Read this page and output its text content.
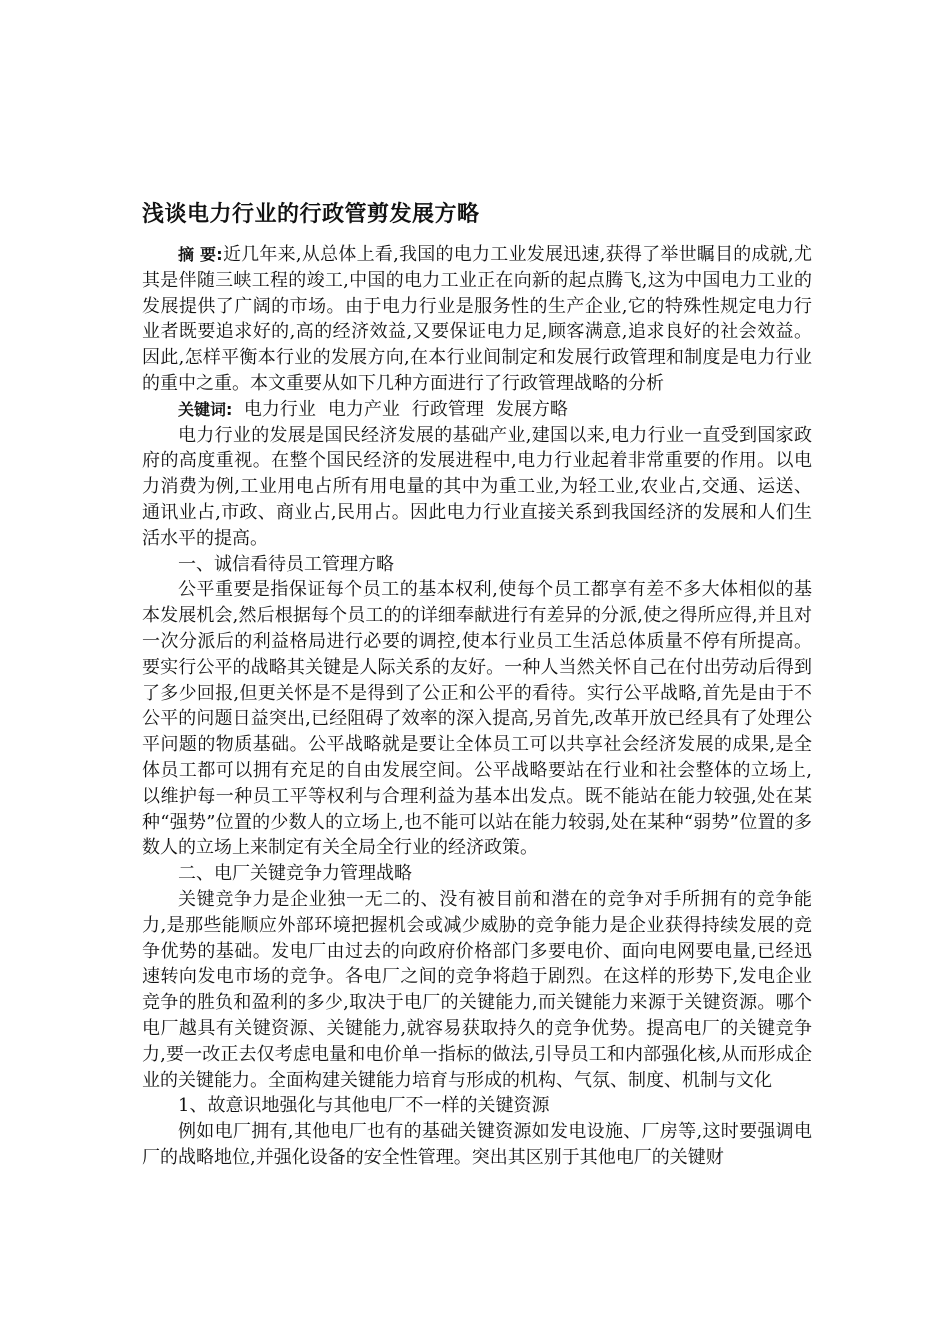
浅谈电力行业的行政管剪发展方略

摘 要:近几年来,从总体上看,我国的电力工业发展迅速,获得了举世瞩目的成就,尤其是伴随三峡工程的竣工,中国的电力工业正在向新的起点腾飞,这为中国电力工业的发展提供了广阔的市场。由于电力行业是服务性的生产企业,它的特殊性规定电力行业者既要追求好的,高的经济效益,又要保证电力足,顾客满意,追求良好的社会效益。因此,怎样平衡本行业的发展方向,在本行业间制定和发展行政管理和制度是电力行业的重中之重。本文重要从如下几种方面进行了行政管理战略的分析

关键词: 电力行业 电力产业 行政管理 发展方略

电力行业的发展是国民经济发展的基础产业,建国以来,电力行业一直受到国家政府的高度重视。在整个国民经济的发展进程中,电力行业起着非常重要的作用。以电力消费为例,工业用电占所有用电量的其中为重工业,为轻工业,农业占,交通、运送、通讯业占,市政、商业占,民用占。因此电力行业直接关系到我国经济的发展和人们生活水平的提高。

一、诚信看待员工管理方略

公平重要是指保证每个员工的基本权利,使每个员工都享有差不多大体相似的基本发展机会,然后根据每个员工的的详细奉献进行有差异的分派,使之得所应得,并且对一次分派后的利益格局进行必要的调控,使本行业员工生活总体质量不停有所提高。要实行公平的战略其关键是人际关系的友好。一种人当然关怀自己在付出劳动后得到了多少回报,但更关怀是不是得到了公正和公平的看待。实行公平战略,首先是由于不公平的问题日益突出,已经阻碍了效率的深入提高,另首先,改革开放已经具有了处理公平问题的物质基础。公平战略就是要让全体员工可以共享社会经济发展的成果,是全体员工都可以拥有充足的自由发展空间。公平战略要站在行业和社会整体的立场上,以维护每一种员工平等权利与合理利益为基本出发点。既不能站在能力较强,处在某种“强势”位置的少数人的立场上,也不能可以站在能力较弱,处在某种“弱势”位置的多数人的立场上来制定有关全局全行业的经济政策。

二、电厂关键竞争力管理战略

关键竞争力是企业独一无二的、没有被目前和潜在的竞争对手所拥有的竞争能力,是那些能顺应外部环境把握机会或减少威胁的竞争能力是企业获得持续发展的竞争优势的基础。发电厂由过去的向政府价格部门多要电价、面向电网要电量,已经迅速转向发电市场的竞争。各电厂之间的竞争将趋于剧烈。在这样的形势下,发电企业竞争的胜负和盈利的多少,取决于电厂的关键能力,而关键能力来源于关键资源。哪个电厂越具有关键资源、关键能力,就容易获取持久的竞争优势。提高电厂的关键竞争力,要一改正去仅考虑电量和电价单一指标的做法,引导员工和内部强化核,从而形成企业的关键能力。全面构建关键能力培育与形成的机构、气氛、制度、机制与文化

1、故意识地强化与其他电厂不一样的关键资源

例如电厂拥有,其他电厂也有的基础关键资源如发电设施、厂房等,这时要强调电厂的战略地位,并强化设备的安全性管理。突出其区别于其他电厂的关键财
